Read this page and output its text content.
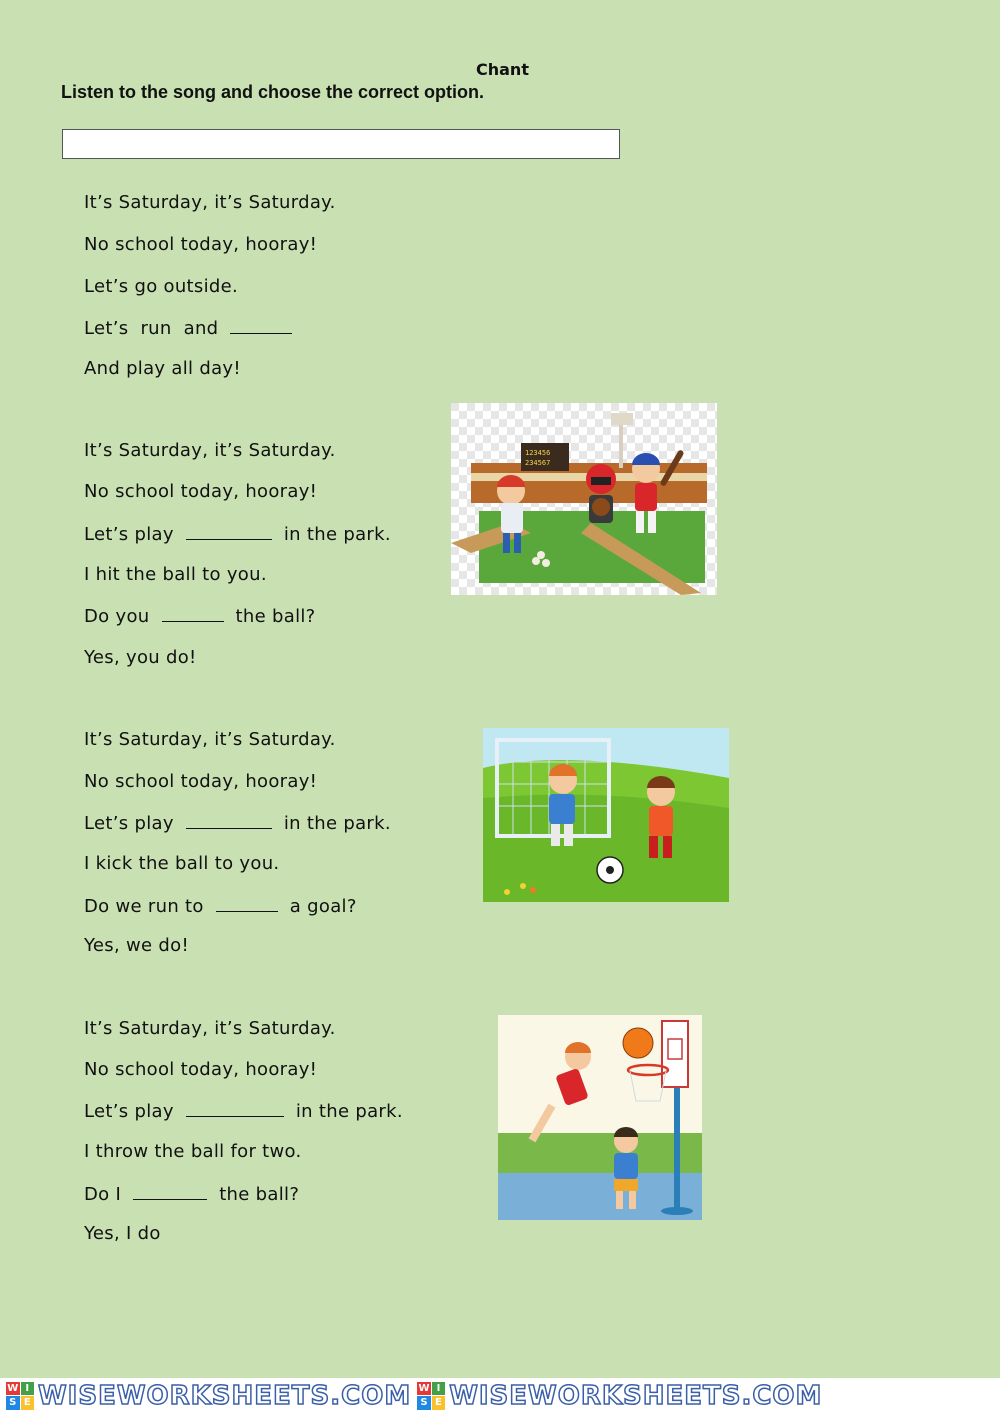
Chant
Listen to the song and choose the correct option.
It’s Saturday, it’s Saturday.
No school today, hooray!
Let’s go outside.
Let’s  run  and
And play all day!
It’s Saturday, it’s Saturday.
No school today, hooray!
Let’s play	in the park.
I hit the ball to you.
Do you	the ball?
Yes, you do!
It’s Saturday, it’s Saturday.
No school today, hooray!
Let’s play	in the park.
I kick the ball to you.
Do we run to	a goal?
Yes, we do!
It’s Saturday, it’s Saturday.
No school today, hooray!
Let’s play	in the park.
I throw the ball for two.
Do I	the ball?
Yes, I do
123456
234567
W I
S E WISEWORKSHEETS.COM W I
S E WISEWORKSHEETS.COM
